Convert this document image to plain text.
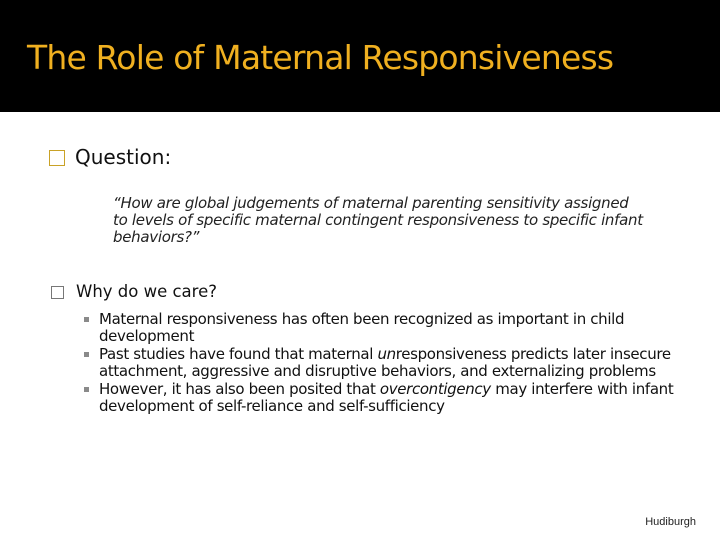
The Role of Maternal Responsiveness
Question:
“How are global judgements of maternal parenting sensitivity assigned to levels of specific maternal contingent responsiveness to specific infant behaviors?”
Why do we care?
Maternal responsiveness has often been recognized as important in child development
Past studies have found that maternal unresponsiveness predicts later insecure attachment, aggressive and disruptive behaviors, and externalizing problems
However, it has also been posited that overcontigency may interfere with infant development of self-reliance and self-sufficiency
Hudiburgh
